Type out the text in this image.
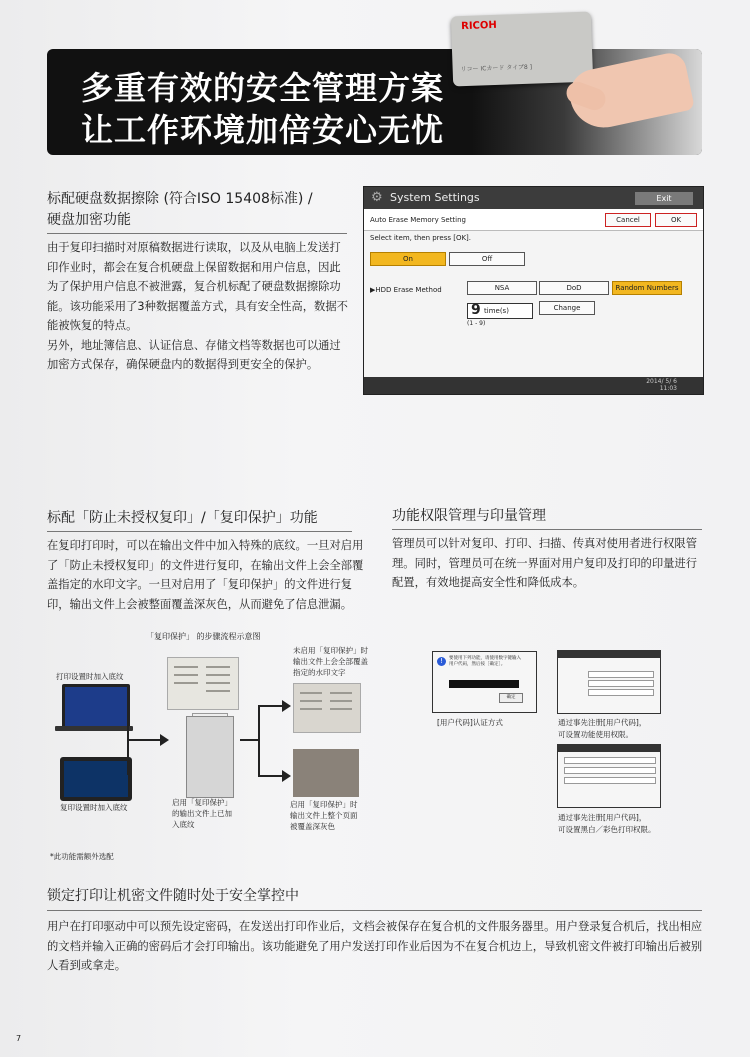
多重有效的安全管理方案
让工作环境加倍安心无忧
RICOH
リコー ICカード タイプ8 ]
标配硬盘数据擦除 (符合ISO 15408标准) /
硬盘加密功能

由于复印扫描时对原稿数据进行读取，以及从电脑上发送打印作业时，都会在复合机硬盘上保留数据和用户信息，因此为了保护用户信息不被泄露，复合机标配了硬盘数据擦除功能。该功能采用了3种数据覆盖方式，具有安全性高，数据不能被恢复的特点。

另外，地址簿信息、认证信息、存储文档等数据也可以通过加密方式保存，确保硬盘内的数据得到更安全的保护。

⚙ System Settings	Exit
Auto Erase Memory Setting	Cancel	OK
Select item, then press [OK].
On	Off
▶HDD Erase Method	NSA	DoD	Random Numbers
9 time(s)	Change
(1 - 9)
2014/ 5/ 6
11:03
标配「防止未授权复印」/「复印保护」功能

在复印打印时，可以在输出文件中加入特殊的底纹。一旦对启用了「防止未授权复印」的文件进行复印，在输出文件上会全部覆盖指定的水印文字。一旦对启用了「复印保护」的文件进行复印，输出文件上会被整面覆盖深灰色，从而避免了信息泄漏。

「复印保护」 的步骤流程示意图
打印设置时加入底纹
复印设置时加入底纹
启用「复印保护」
的输出文件上已加
入底纹
未启用「复印保护」时
输出文件上会全部覆盖
指定的水印文字
启用「复印保护」时
输出文件上整个页面
被覆盖深灰色
*此功能需额外选配
功能权限管理与印量管理

管理员可以针对复印、打印、扫描、传真对使用者进行权限管理。同时，管理员可在统一界面对用户复印及打印的印量进行配置，有效地提高安全性和降低成本。

!	要使用下列功能，请使用数字键输入
用户代码，然后按［确定］。
确定
[用户代码]认证方式	通过事先注册[用户代码]，
可设置功能使用权限。
通过事先注册[用户代码]，
可设置黑白／彩色打印权限。
锁定打印让机密文件随时处于安全掌控中

用户在打印驱动中可以预先设定密码，在发送出打印作业后，文档会被保存在复合机的文件服务器里。用户登录复合机后，找出相应的文档并输入正确的密码后才会打印输出。该功能避免了用户发送打印作业后因为不在复合机边上，导致机密文件被打印输出后被别人看到或拿走。

7
